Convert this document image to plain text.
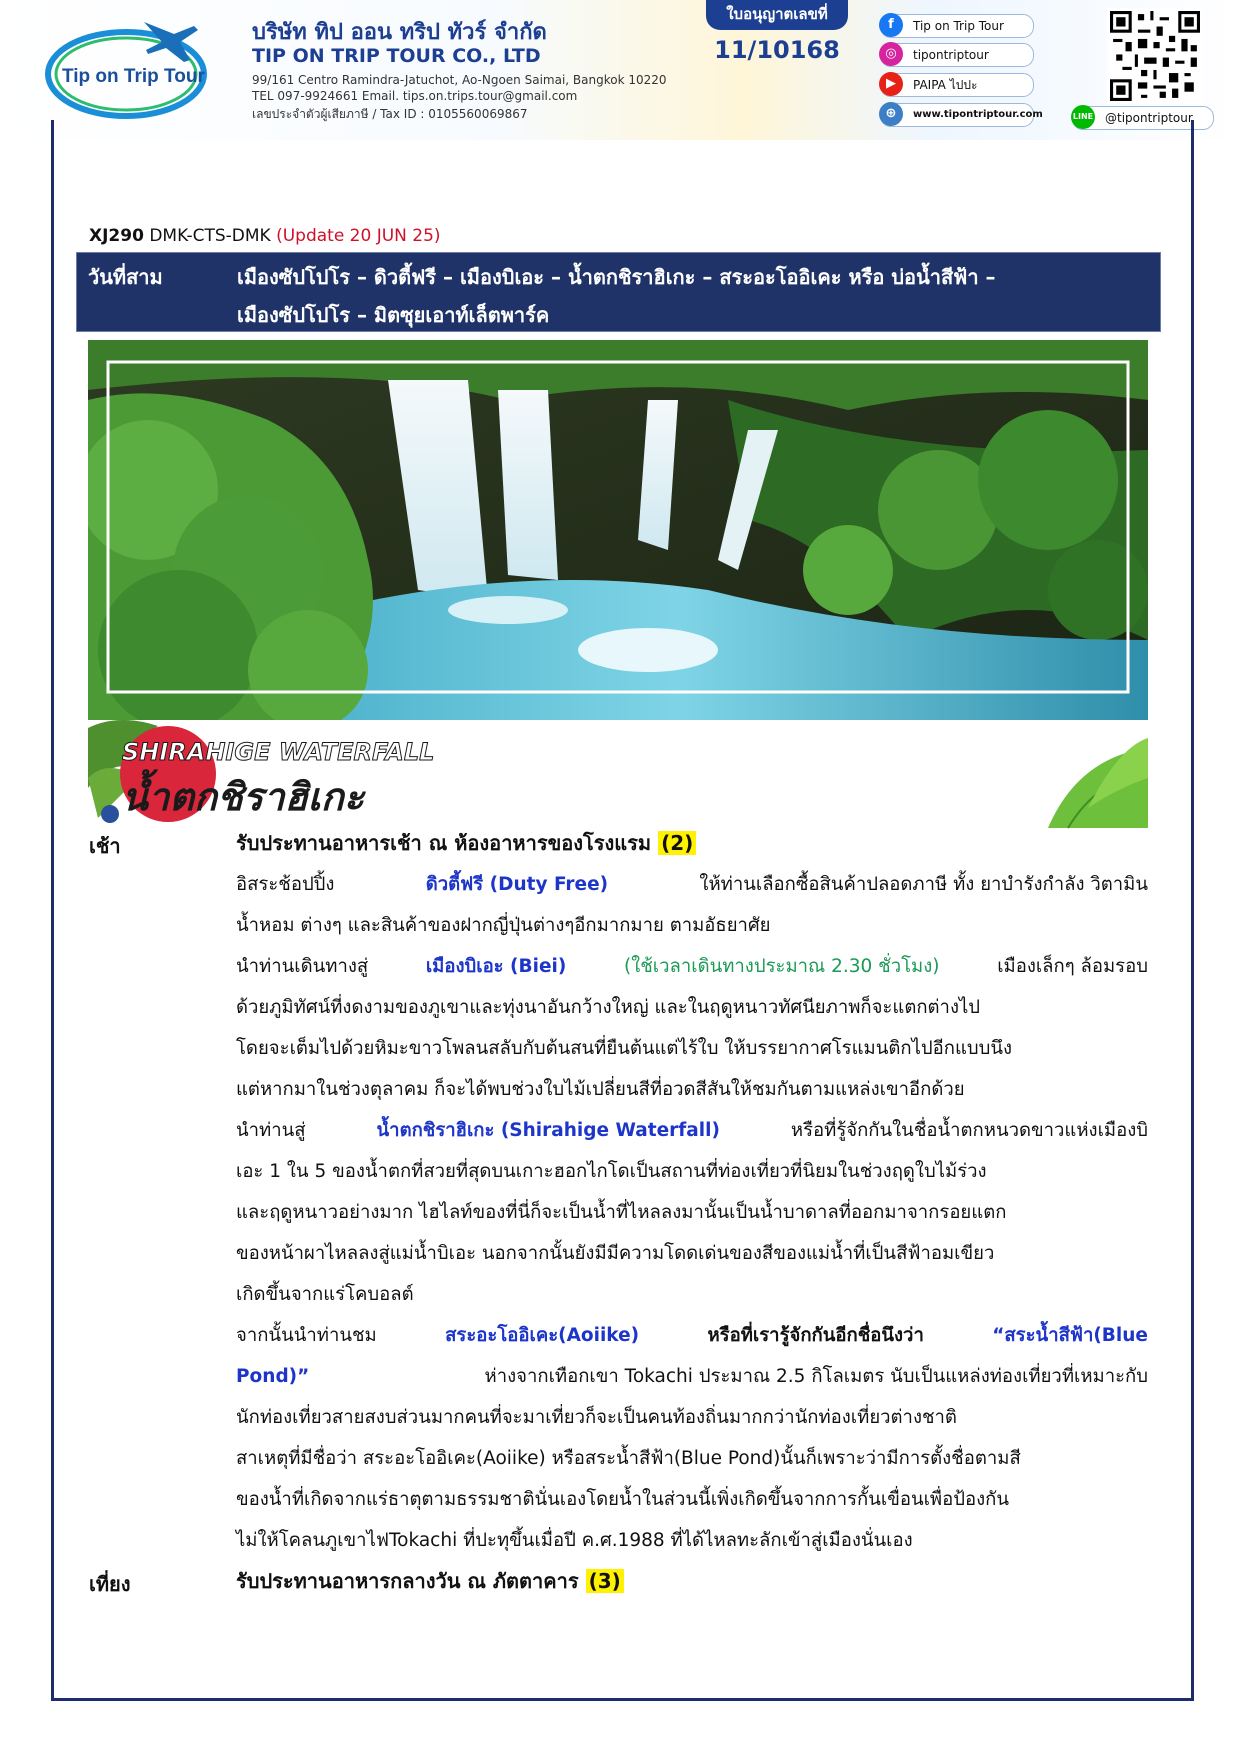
Tip on Trip Tour
บริษัท ทิป ออน ทริป ทัวร์ จำกัด
TIP ON TRIP TOUR CO., LTD
99/161 Centro Ramindra-Jatuchot, Ao-Ngoen Saimai, Bangkok 10220
TEL 097-9924661 Email. tips.on.trips.tour@gmail.com
เลขประจำตัวผู้เสียภาษี / Tax ID : 0105560069867
ใบอนุญาตเลขที่
11/10168
f	Tip on Trip Tour
◎	tipontriptour
▶	PAIPA ไปปะ
⊕	www.tipontriptour.com	LINE @tipontriptour
XJ290 DMK-CTS-DMK (Update 20 JUN 25)
วันที่สาม	เมืองซัปโปโร – ดิวตี้ฟรี – เมืองบิเอะ – น้ำตกชิราฮิเกะ – สระอะโออิเคะ หรือ บ่อน้ำสีฟ้า –
เมืองซัปโปโร – มิตซุยเอาท์เล็ตพาร์ค
SHIRAHIGE WATERFALL
น้ำตกชิราฮิเกะ
เช้า	รับประทานอาหารเช้า ณ ห้องอาหารของโรงแรม (2)
อิสระช้อปปิ้ง	ดิวตี้ฟรี (Duty Free)	ให้ท่านเลือกซื้อสินค้าปลอดภาษี ทั้ง ยาบำรังกำลัง วิตามิน
น้ำหอม ต่างๆ และสินค้าของฝากญี่ปุ่นต่างๆอีกมากมาย ตามอัธยาศัย
นำท่านเดินทางสู่	เมืองบิเอะ (Biei)	(ใช้เวลาเดินทางประมาณ 2.30 ชั่วโมง)	เมืองเล็กๆ ล้อมรอบ
ด้วยภูมิทัศน์ที่งดงามของภูเขาและทุ่งนาอันกว้างใหญ่ และในฤดูหนาวทัศนียภาพก็จะแตกต่างไป
โดยจะเต็มไปด้วยหิมะขาวโพลนสลับกับต้นสนที่ยืนต้นแต่ไร้ใบ ให้บรรยากาศโรแมนติกไปอีกแบบนึง
แต่หากมาในช่วงตุลาคม ก็จะได้พบช่วงใบไม้เปลี่ยนสีที่อวดสีสันให้ชมกันตามแหล่งเขาอีกด้วย
นำท่านสู่	น้ำตกชิราฮิเกะ (Shirahige Waterfall)	หรือที่รู้จักกันในชื่อน้ำตกหนวดขาวแห่งเมืองบิ
เอะ 1 ใน 5 ของน้ำตกที่สวยที่สุดบนเกาะฮอกไกโดเป็นสถานที่ท่องเที่ยวที่นิยมในช่วงฤดูใบไม้ร่วง
และฤดูหนาวอย่างมาก ไฮไลท์ของที่นี่ก็จะเป็นน้ำที่ไหลลงมานั้นเป็นน้ำบาดาลที่ออกมาจากรอยแตก
ของหน้าผาไหลลงสู่แม่น้ำบิเอะ นอกจากนั้นยังมีมีความโดดเด่นของสีของแม่น้ำที่เป็นสีฟ้าอมเขียว
เกิดขึ้นจากแร่โคบอลต์
จากนั้นนำท่านชม	สระอะโออิเคะ(Aoiike)	หรือที่เรารู้จักกันอีกชื่อนึงว่า	“สระน้ำสีฟ้า(Blue
Pond)”	ห่างจากเทือกเขา Tokachi ประมาณ 2.5 กิโลเมตร นับเป็นแหล่งท่องเที่ยวที่เหมาะกับ
นักท่องเที่ยวสายสงบส่วนมากคนที่จะมาเที่ยวก็จะเป็นคนท้องถิ่นมากกว่านักท่องเที่ยวต่างชาติ
สาเหตุที่มีชื่อว่า สระอะโออิเคะ(Aoiike) หรือสระน้ำสีฟ้า(Blue Pond)นั้นก็เพราะว่ามีการตั้งชื่อตามสี
ของน้ำที่เกิดจากแร่ธาตุตามธรรมชาตินั่นเองโดยน้ำในส่วนนี้เพิ่งเกิดขึ้นจากการกั้นเขื่อนเพื่อป้องกัน
ไม่ให้โคลนภูเขาไฟTokachi ที่ปะทุขึ้นเมื่อปี ค.ศ.1988 ที่ได้ไหลทะลักเข้าสู่เมืองนั่นเอง
เที่ยง	รับประทานอาหารกลางวัน ณ ภัตตาคาร (3)
